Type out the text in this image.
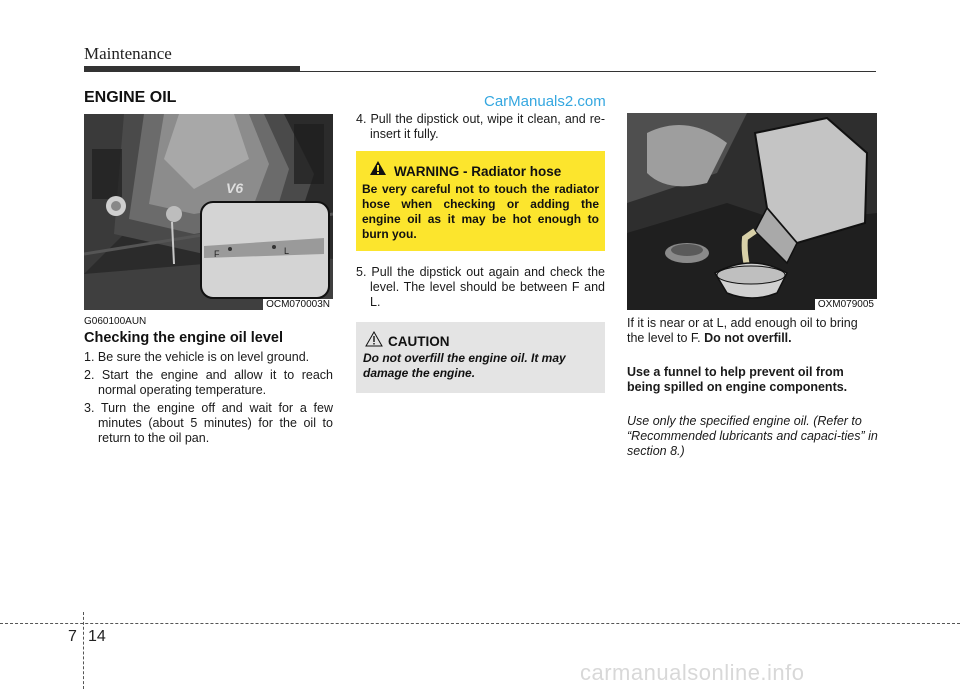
Maintenance
ENGINE OIL	CarManuals2.com
V6
F	L
OCM070003N
G060100AUN
Checking the engine oil level
1. Be sure the vehicle is on level ground.
2. Start the engine and allow it to reach normal operating temperature.
3. Turn the engine off and wait for a few minutes (about 5 minutes) for the oil to return to the oil pan.
4. Pull the dipstick out, wipe it clean, and re-insert it fully.
WARNING - Radiator hose
Be very careful not to touch the radiator hose when checking or adding the engine oil as it may be hot enough to burn you.
5. Pull the dipstick out again and check the level. The level should be between F and L.
CAUTION
Do not overfill the engine oil. It may damage the engine.
OXM079005
If it is near or at L, add enough oil to bring the level to F. Do not overfill.
Use a funnel to help prevent oil from being spilled on engine components.
Use only the specified engine oil. (Refer to “Recommended lubricants and capaci-ties” in section 8.)
7 14
carmanualsonline.info
